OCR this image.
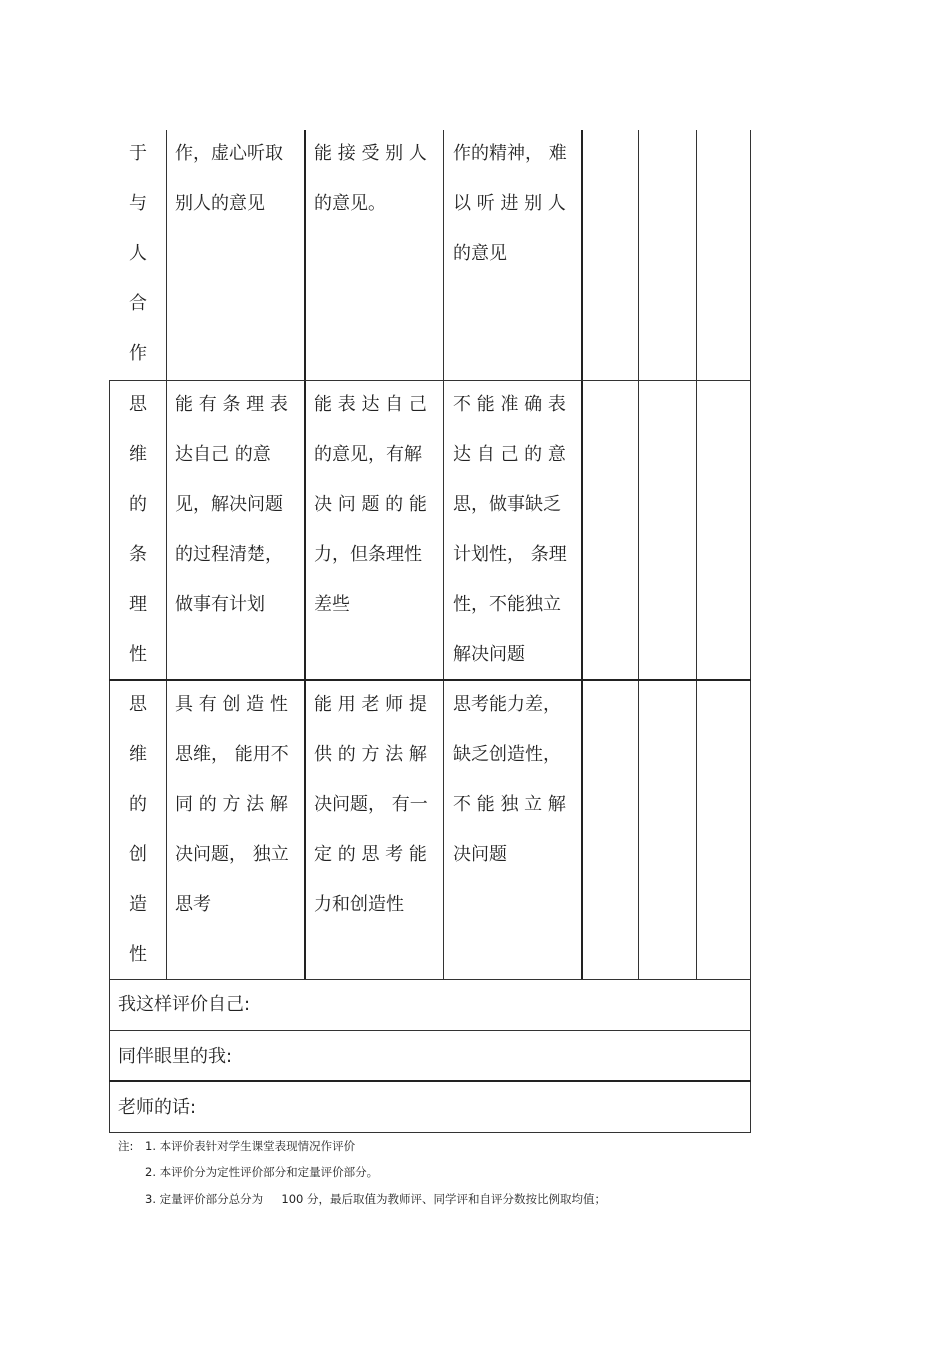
于
与
人
合
作
作，虚心听取
别人的意见
能 接 受 别 人
的意见。
作的精神， 难
以 听 进 别 人
的意见
思
维
的
条
理
性
能 有 条 理 表
达自己 的意
见，解决问题
的过程清楚，
做事有计划
能 表 达 自 己
的意见，有解
决 问 题 的 能
力，但条理性
差些
不 能 准 确 表
达 自 己 的 意
思，做事缺乏
计划性， 条理
性，不能独立
解决问题
思
维
的
创
造
性
具 有 创 造 性
思维， 能用不
同 的 方 法 解
决问题， 独立
思考
能 用 老 师 提
供 的 方 法 解
决问题， 有一
定 的 思 考 能
力和创造性
思考能力差，
缺乏创造性，
不 能 独 立 解
决问题
我这样评价自己:
同伴眼里的我:
老师的话:
注: 1. 本评价表针对学生课堂表现情况作评价
2. 本评价分为定性评价部分和定量评价部分。
3. 定量评价部分总分为     100 分，最后取值为教师评、同学评和自评分数按比例取均值；
